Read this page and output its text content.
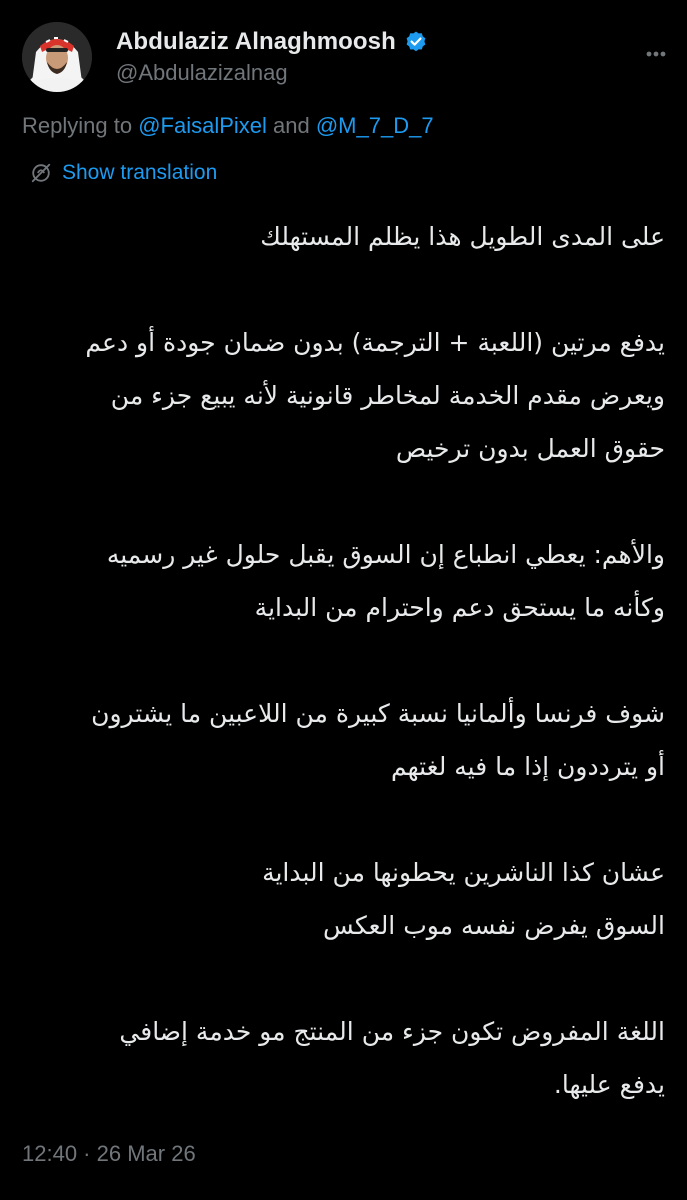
Abdulaziz Alnaghmoosh
@Abdulazizalnag
Replying to @FaisalPixel and @M_7_D_7
Show translation
على المدى الطويل هذا يظلم المستهلك
يدفع مرتين (اللعبة + الترجمة) بدون ضمان جودة أو دعم
ويعرض مقدم الخدمة لمخاطر قانونية لأنه يبيع جزء من
حقوق العمل بدون ترخيص
والأهم: يعطي انطباع إن السوق يقبل حلول غير رسميه
وكأنه ما يستحق دعم واحترام من البداية
شوف فرنسا وألمانيا نسبة كبيرة من اللاعبين ما يشترون
أو يترددون إذا ما فيه لغتهم
عشان كذا الناشرين يحطونها من البداية
السوق يفرض نفسه موب العكس
اللغة المفروض تكون جزء من المنتج مو خدمة إضافي
يدفع عليها.
12:40 · 26 Mar 26
